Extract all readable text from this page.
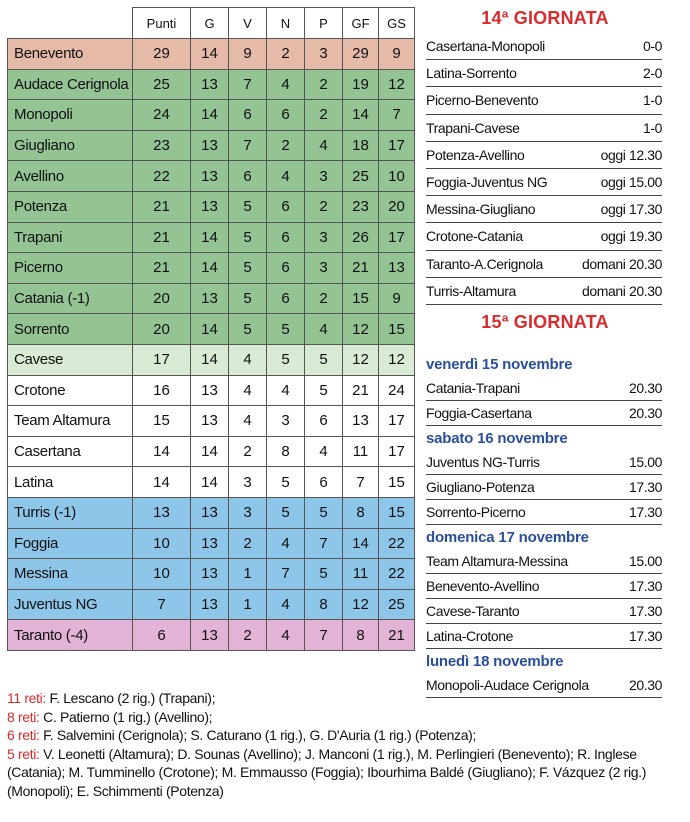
	Punti	G	V	N	P	GF	GS
Benevento	29	14	9	2	3	29	9
Audace Cerignola	25	13	7	4	2	19	12
Monopoli	24	14	6	6	2	14	7
Giugliano	23	13	7	2	4	18	17
Avellino	22	13	6	4	3	25	10
Potenza	21	13	5	6	2	23	20
Trapani	21	14	5	6	3	26	17
Picerno	21	14	5	6	3	21	13
Catania (-1)	20	13	5	6	2	15	9
Sorrento	20	14	5	5	4	12	15
Cavese	17	14	4	5	5	12	12
Crotone	16	13	4	4	5	21	24
Team Altamura	15	13	4	3	6	13	17
Casertana	14	14	2	8	4	11	17
Latina	14	14	3	5	6	7	15
Turris (-1)	13	13	3	5	5	8	15
Foggia	10	13	2	4	7	14	22
Messina	10	13	1	7	5	11	22
Juventus NG	7	13	1	4	8	12	25
Taranto (-4)	6	13	2	4	7	8	21
14ª GIORNATA
Casertana-Monopoli	0-0
Latina-Sorrento	2-0
Picerno-Benevento	1-0
Trapani-Cavese	1-0
Potenza-Avellino	oggi 12.30
Foggia-Juventus NG	oggi 15.00
Messina-Giugliano	oggi 17.30
Crotone-Catania	oggi 19.30
Taranto-A.Cerignola	domani 20.30
Turris-Altamura	domani 20.30
15ª GIORNATA
venerdì 15 novembre
Catania-Trapani	20.30
Foggia-Casertana	20.30
sabato 16 novembre
Juventus NG-Turris	15.00
Giugliano-Potenza	17.30
Sorrento-Picerno	17.30
domenica 17 novembre
Team Altamura-Messina	15.00
Benevento-Avellino	17.30
Cavese-Taranto	17.30
Latina-Crotone	17.30
lunedì 18 novembre
Monopoli-Audace Cerignola	20.30
11 reti: F. Lescano (2 rig.) (Trapani);
8 reti: C. Patierno (1 rig.) (Avellino);
6 reti: F. Salvemini (Cerignola); S. Caturano (1 rig.), G. D'Auria (1 rig.) (Potenza);
5 reti: V. Leonetti (Altamura); D. Sounas (Avellino); J. Manconi (1 rig.), M. Perlingieri (Benevento); R. Inglese (Catania); M. Tumminello (Crotone); M. Emmausso (Foggia); Ibourhima Baldé (Giugliano); F. Vázquez (2 rig.) (Monopoli); E. Schimmenti (Potenza)
